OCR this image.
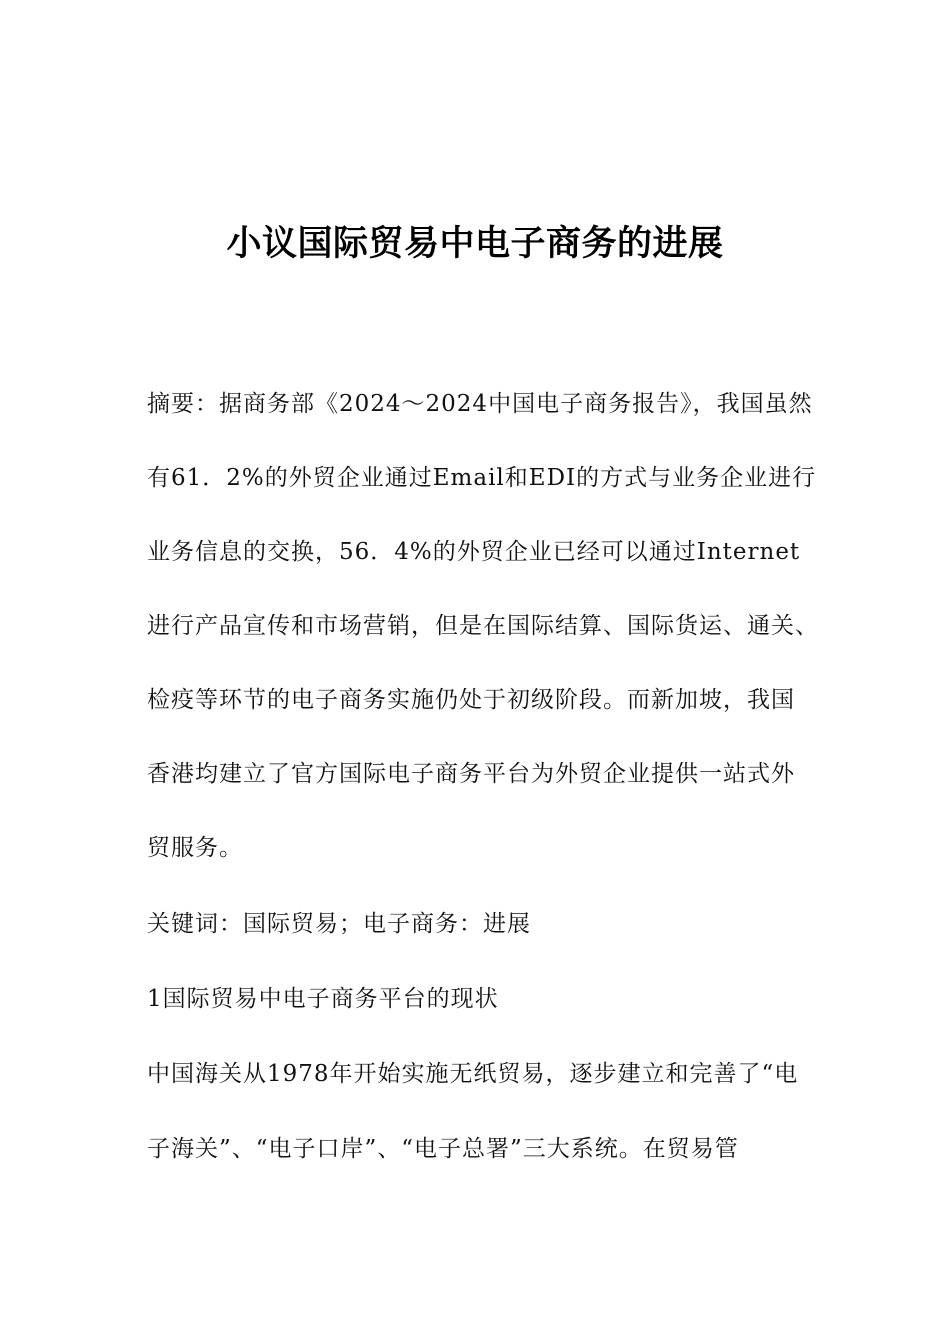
小议国际贸易中电子商务的进展
摘要：据商务部《2024～2024中国电子商务报告》，我国虽然
有61．2%的外贸企业通过Email和EDI的方式与业务企业进行
业务信息的交换，56．4%的外贸企业已经可以通过Internet
进行产品宣传和市场营销，但是在国际结算、国际货运、通关、
检疫等环节的电子商务实施仍处于初级阶段。而新加坡，我国
香港均建立了官方国际电子商务平台为外贸企业提供一站式外
贸服务。
关键词：国际贸易；电子商务：进展
1国际贸易中电子商务平台的现状
中国海关从1978年开始实施无纸贸易，逐步建立和完善了“电
子海关”、“电子口岸”、“电子总署”三大系统。在贸易管
